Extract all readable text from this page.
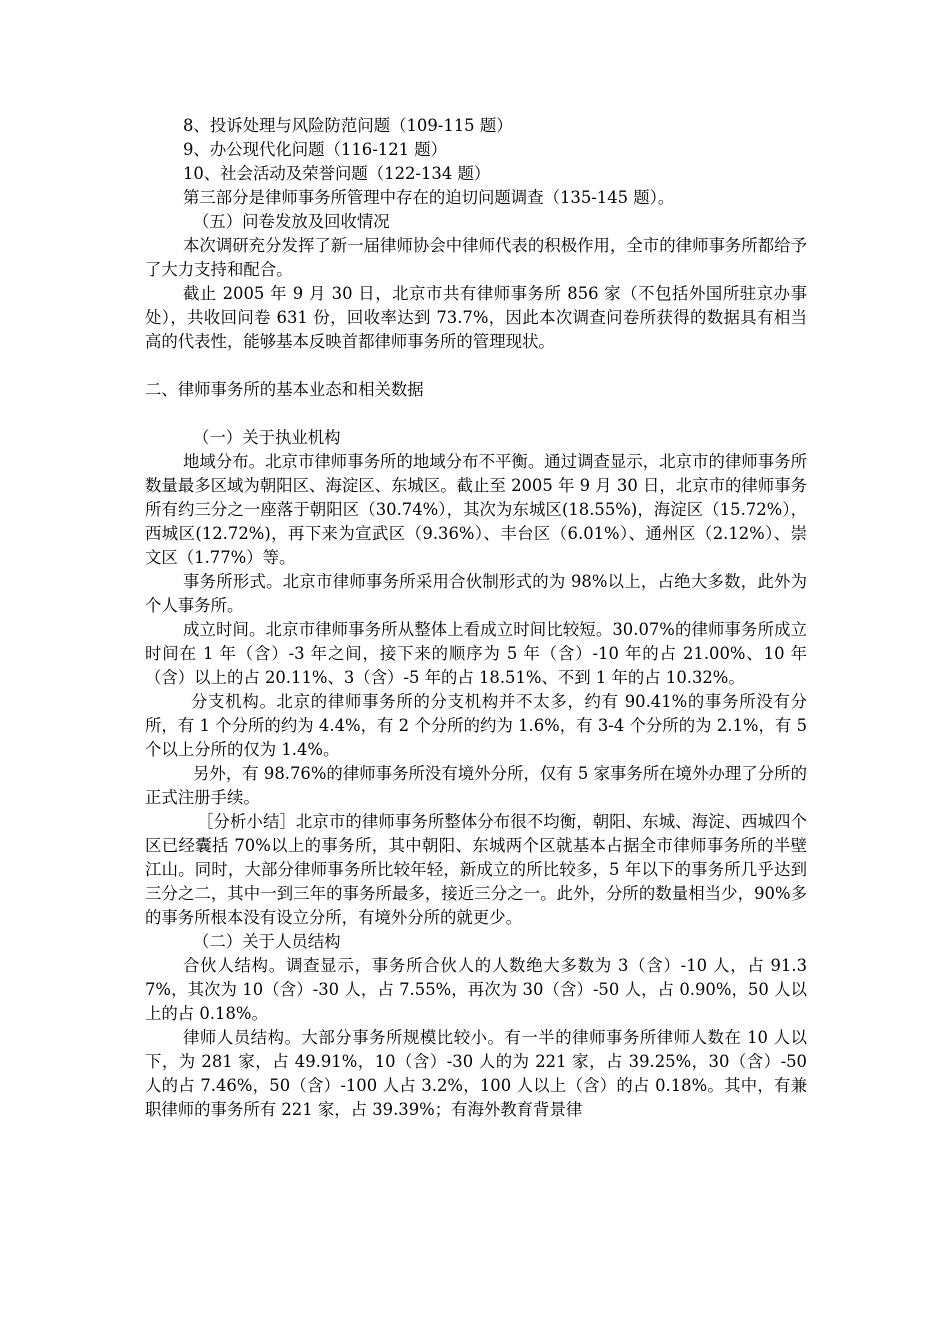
8、投诉处理与风险防范问题（109-115 题）
9、办公现代化问题（116-121 题）
10、社会活动及荣誉问题（122-134 题）
第三部分是律师事务所管理中存在的迫切问题调查（135-145 题）。
（五）问卷发放及回收情况

本次调研充分发挥了新一届律师协会中律师代表的积极作用，全市的律师事务所都给予了大力支持和配合。

截止 2005 年 9 月 30 日，北京市共有律师事务所 856 家（不包括外国所驻京办事处），共收回问卷 631 份，回收率达到 73.7%，因此本次调查问卷所获得的数据具有相当高的代表性，能够基本反映首都律师事务所的管理现状。

二、律师事务所的基本业态和相关数据
（一）关于执业机构

地域分布。北京市律师事务所的地域分布不平衡。通过调查显示，北京市的律师事务所数量最多区域为朝阳区、海淀区、东城区。截止至 2005 年 9 月 30 日，北京市的律师事务所有约三分之一座落于朝阳区（30.74%），其次为东城区(18.55%)，海淀区（15.72%），西城区(12.72%)，再下来为宣武区（9.36%）、丰台区（6.01%）、通州区（2.12%）、崇文区（1.77%）等。

事务所形式。北京市律师事务所采用合伙制形式的为 98%以上，占绝大多数，此外为个人事务所。

成立时间。北京市律师事务所从整体上看成立时间比较短。30.07%的律师事务所成立时间在 1 年（含）-3 年之间，接下来的顺序为 5 年（含）-10 年的占 21.00%、10 年（含）以上的占 20.11%、3（含）-5 年的占 18.51%、不到 1 年的占 10.32%。

分支机构。北京的律师事务所的分支机构并不太多，约有 90.41%的事务所没有分所，有 1 个分所的约为 4.4%，有 2 个分所的约为 1.6%，有 3-4 个分所的为 2.1%，有 5 个以上分所的仅为 1.4%。

另外，有 98.76%的律师事务所没有境外分所，仅有 5 家事务所在境外办理了分所的正式注册手续。

［分析小结］北京市的律师事务所整体分布很不均衡，朝阳、东城、海淀、西城四个区已经囊括 70%以上的事务所，其中朝阳、东城两个区就基本占据全市律师事务所的半壁江山。同时，大部分律师事务所比较年轻，新成立的所比较多，5 年以下的事务所几乎达到三分之二，其中一到三年的事务所最多，接近三分之一。此外，分所的数量相当少，90%多的事务所根本没有设立分所，有境外分所的就更少。

（二）关于人员结构

合伙人结构。调查显示，事务所合伙人的人数绝大多数为 3（含）-10 人，占 91.37%，其次为 10（含）-30 人，占 7.55%，再次为 30（含）-50 人，占 0.90%，50 人以上的占 0.18%。

律师人员结构。大部分事务所规模比较小。有一半的律师事务所律师人数在 10 人以下，为 281 家，占 49.91%，10（含）-30 人的为 221 家，占 39.25%，30（含）-50 人的占 7.46%，50（含）-100 人占 3.2%，100 人以上（含）的占 0.18%。其中，有兼职律师的事务所有 221 家，占 39.39%；有海外教育背景律
